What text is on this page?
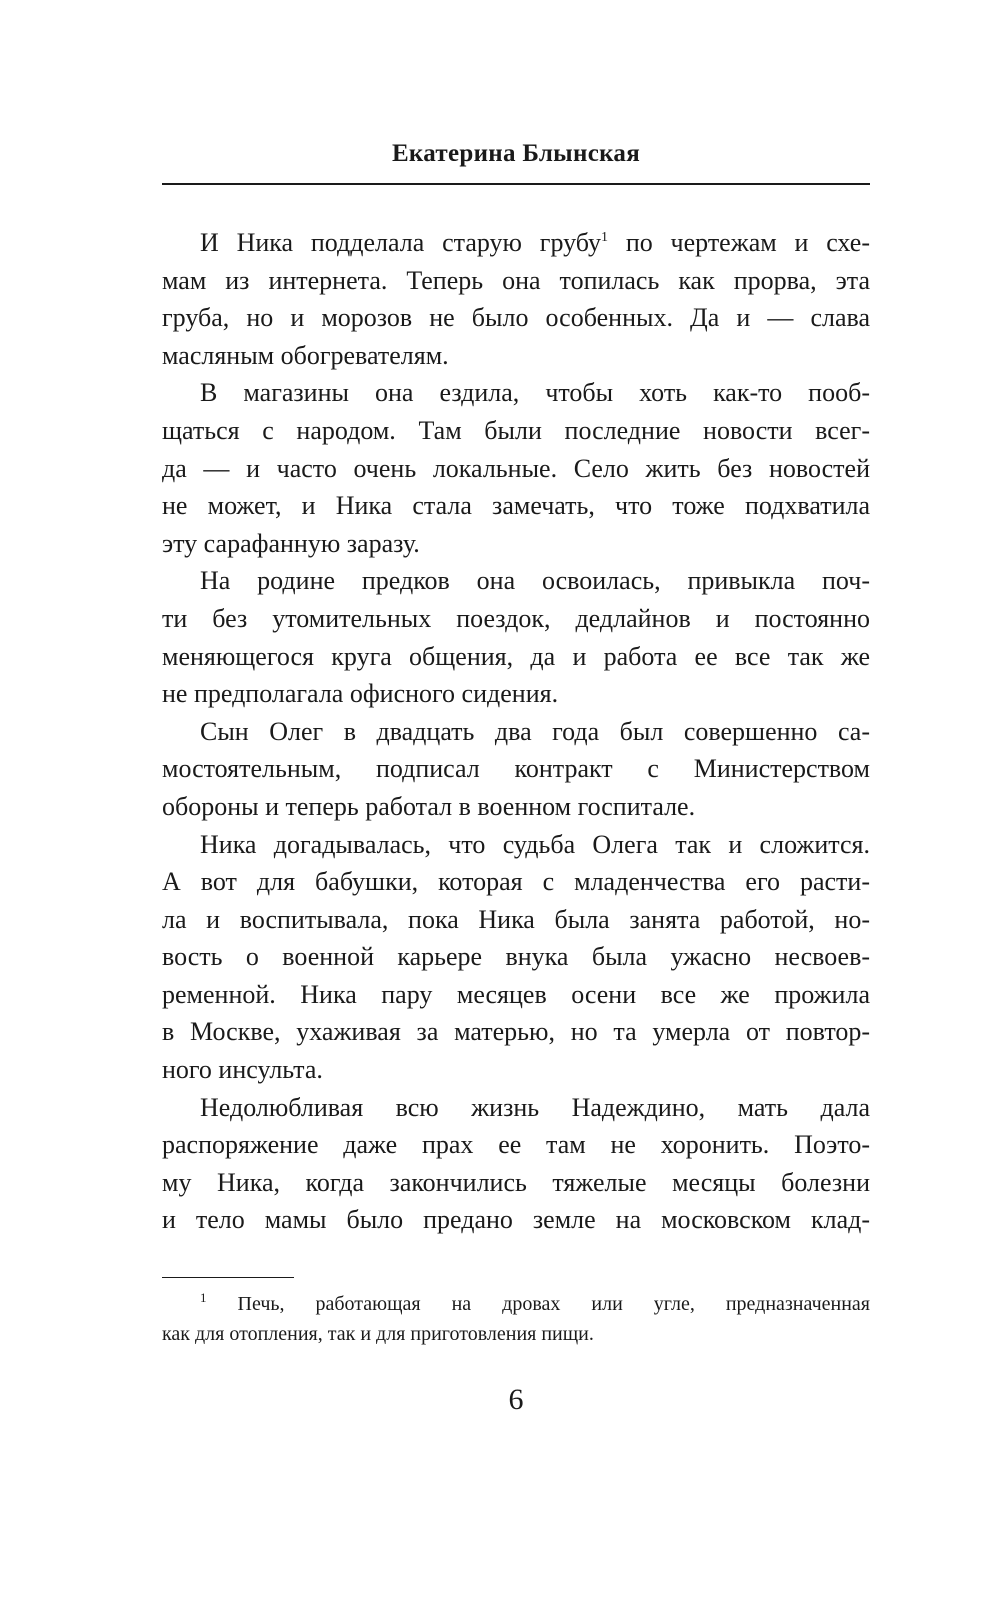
Екатерина Блынская

И Ника подделала старую грубу$^1$ по чертежам и схе-
мам из интернета. Теперь она топилась как прорва, эта
груба, но и морозов не было особенных. Да и — слава
масляным обогревателям.

В магазины она ездила, чтобы хоть как-то пооб-
щаться с народом. Там были последние новости всег-
да — и часто очень локальные. Село жить без новостей
не может, и Ника стала замечать, что тоже подхватила
эту сарафанную заразу.

На родине предков она освоилась, привыкла поч-
ти без утомительных поездок, дедлайнов и постоянно
меняющегося круга общения, да и работа ее все так же
не предполагала офисного сидения.

Сын Олег в двадцать два года был совершенно са-
мостоятельным, подписал контракт с Министерством
обороны и теперь работал в военном госпитале.

Ника догадывалась, что судьба Олега так и сложится.
А вот для бабушки, которая с младенчества его расти-
ла и воспитывала, пока Ника была занята работой, но-
вость о военной карьере внука была ужасно несвоев-
ременной. Ника пару месяцев осени все же прожила
в Москве, ухаживая за матерью, но та умерла от повтор-
ного инсульта.

Недолюбливая всю жизнь Надеждино, мать дала
распоряжение даже прах ее там не хоронить. Поэто-
му Ника, когда закончились тяжелые месяцы болезни
и тело мамы было предано земле на московском клад-

$^1$ Печь, работающая на дровах или угле, предназначенная
как для отопления, так и для приготовления пищи.
6
